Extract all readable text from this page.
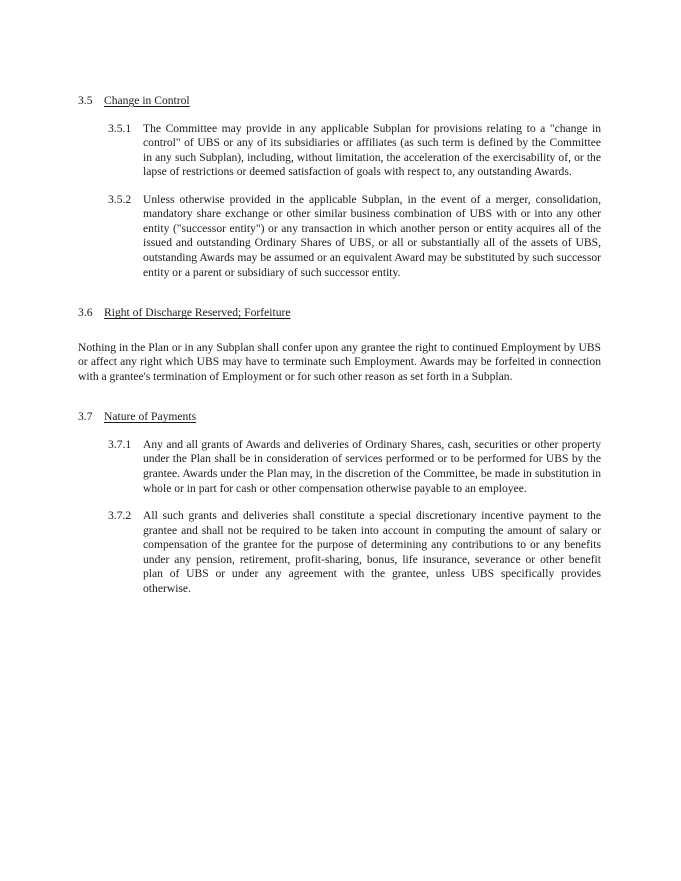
3.5 Change in Control
3.5.1 The Committee may provide in any applicable Subplan for provisions relating to a "change in control" of UBS or any of its subsidiaries or affiliates (as such term is defined by the Committee in any such Subplan), including, without limitation, the acceleration of the exercisability of, or the lapse of restrictions or deemed satisfaction of goals with respect to, any outstanding Awards.
3.5.2 Unless otherwise provided in the applicable Subplan, in the event of a merger, consolidation, mandatory share exchange or other similar business combination of UBS with or into any other entity ("successor entity") or any transaction in which another person or entity acquires all of the issued and outstanding Ordinary Shares of UBS, or all or substantially all of the assets of UBS, outstanding Awards may be assumed or an equivalent Award may be substituted by such successor entity or a parent or subsidiary of such successor entity.
3.6 Right of Discharge Reserved; Forfeiture
Nothing in the Plan or in any Subplan shall confer upon any grantee the right to continued Employment by UBS or affect any right which UBS may have to terminate such Employment. Awards may be forfeited in connection with a grantee's termination of Employment or for such other reason as set forth in a Subplan.
3.7 Nature of Payments
3.7.1 Any and all grants of Awards and deliveries of Ordinary Shares, cash, securities or other property under the Plan shall be in consideration of services performed or to be performed for UBS by the grantee. Awards under the Plan may, in the discretion of the Committee, be made in substitution in whole or in part for cash or other compensation otherwise payable to an employee.
3.7.2 All such grants and deliveries shall constitute a special discretionary incentive payment to the grantee and shall not be required to be taken into account in computing the amount of salary or compensation of the grantee for the purpose of determining any contributions to or any benefits under any pension, retirement, profit-sharing, bonus, life insurance, severance or other benefit plan of UBS or under any agreement with the grantee, unless UBS specifically provides otherwise.
